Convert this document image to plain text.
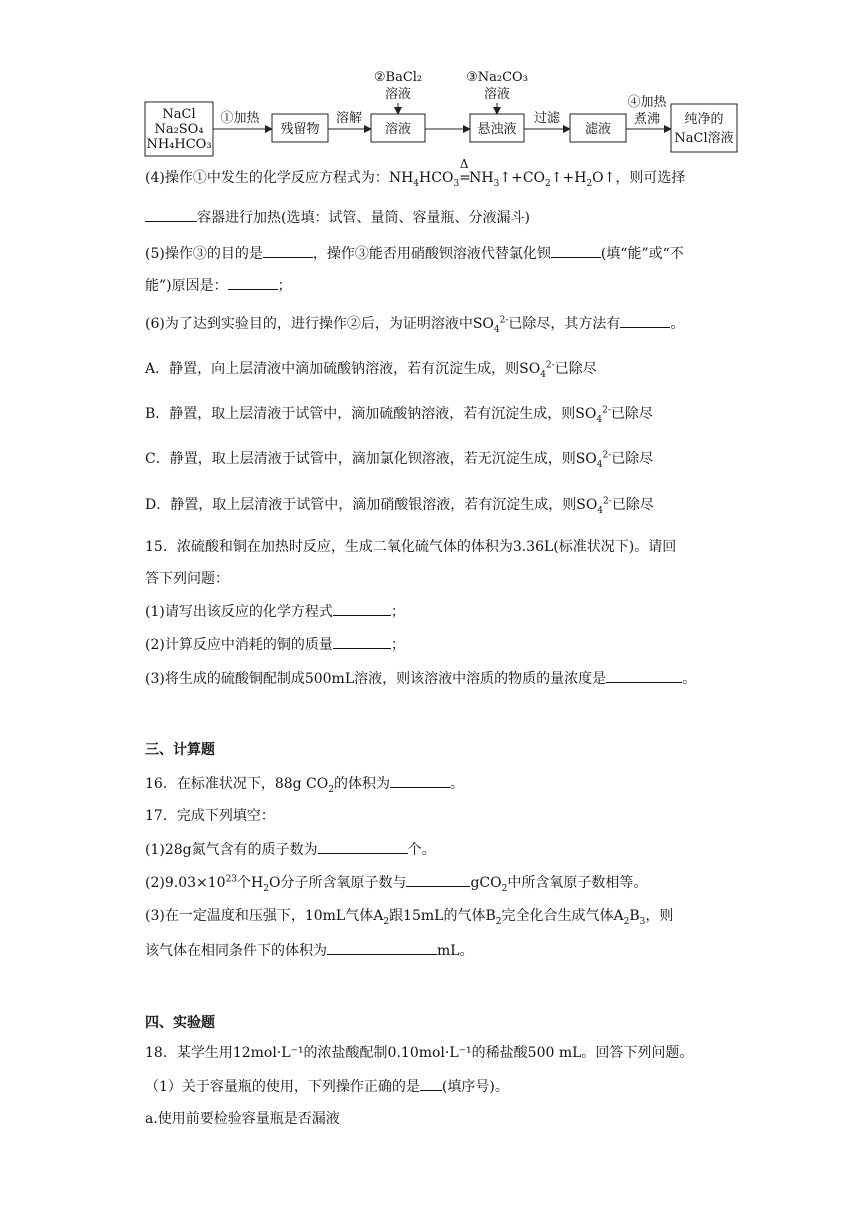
NaCl
Na₂SO₄
NH₄HCO₃
①加热
残留物
溶解
溶液
②BaCl₂
溶液
悬浊液
③Na₂CO₃
溶液
过滤
滤液
④加热
煮沸 纯净的
NaCl溶液
(4)操作①中发生的化学反应方程式为：$NH_4HCO_3$
Δ
$=NH_3↑+CO_2↑+H_2O↑$，则可选择
容器进行加热(选填：试管、量筒、容量瓶、分液漏斗)
(5)操作③的目的是	，操作③能否用硝酸钡溶液代替氯化钡	(填“能”或“不
能”)原因是：	；
(6)为了达到实验目的，进行操作②后，为证明溶液中$SO_4^{2-}$已除尽，其方法有	。
A．静置，向上层清液中滴加硫酸钠溶液，若有沉淀生成，则$SO_4^{2-}$已除尽
B．静置，取上层清液于试管中，滴加硫酸钠溶液，若有沉淀生成，则$SO_4^{2-}$已除尽
C．静置，取上层清液于试管中，滴加氯化钡溶液，若无沉淀生成，则$SO_4^{2-}$已除尽
D．静置，取上层清液于试管中，滴加硝酸银溶液，若有沉淀生成，则$SO_4^{2-}$已除尽
15．浓硫酸和铜在加热时反应，生成二氧化硫气体的体积为3.36L(标准状况下)。请回
答下列问题：
(1)请写出该反应的化学方程式	；
(2)计算反应中消耗的铜的质量	；
(3)将生成的硫酸铜配制成500mL溶液，则该溶液中溶质的物质的量浓度是	。
三、计算题
16．在标准状况下，88g $CO_2$的体积为	。
17．完成下列填空：
(1)28g氮气含有的质子数为	个。
$(2)9.03\times 10^{23}$个$H_2O$分子所含氧原子数与	gCO$_2$中所含氧原子数相等。
(3)在一定温度和压强下，10mL气体$A_2$跟15mL的气体$B_2$完全化合生成气体$A_2B_3$，则
该气体在相同条件下的体积为	mL。
四、实验题
18．某学生用12mol·L⁻¹的浓盐酸配制0.10mol·L⁻¹的稀盐酸500 mL。回答下列问题。
（1）关于容量瓶的使用，下列操作正确的是 (填序号)。
a.使用前要检验容量瓶是否漏液
